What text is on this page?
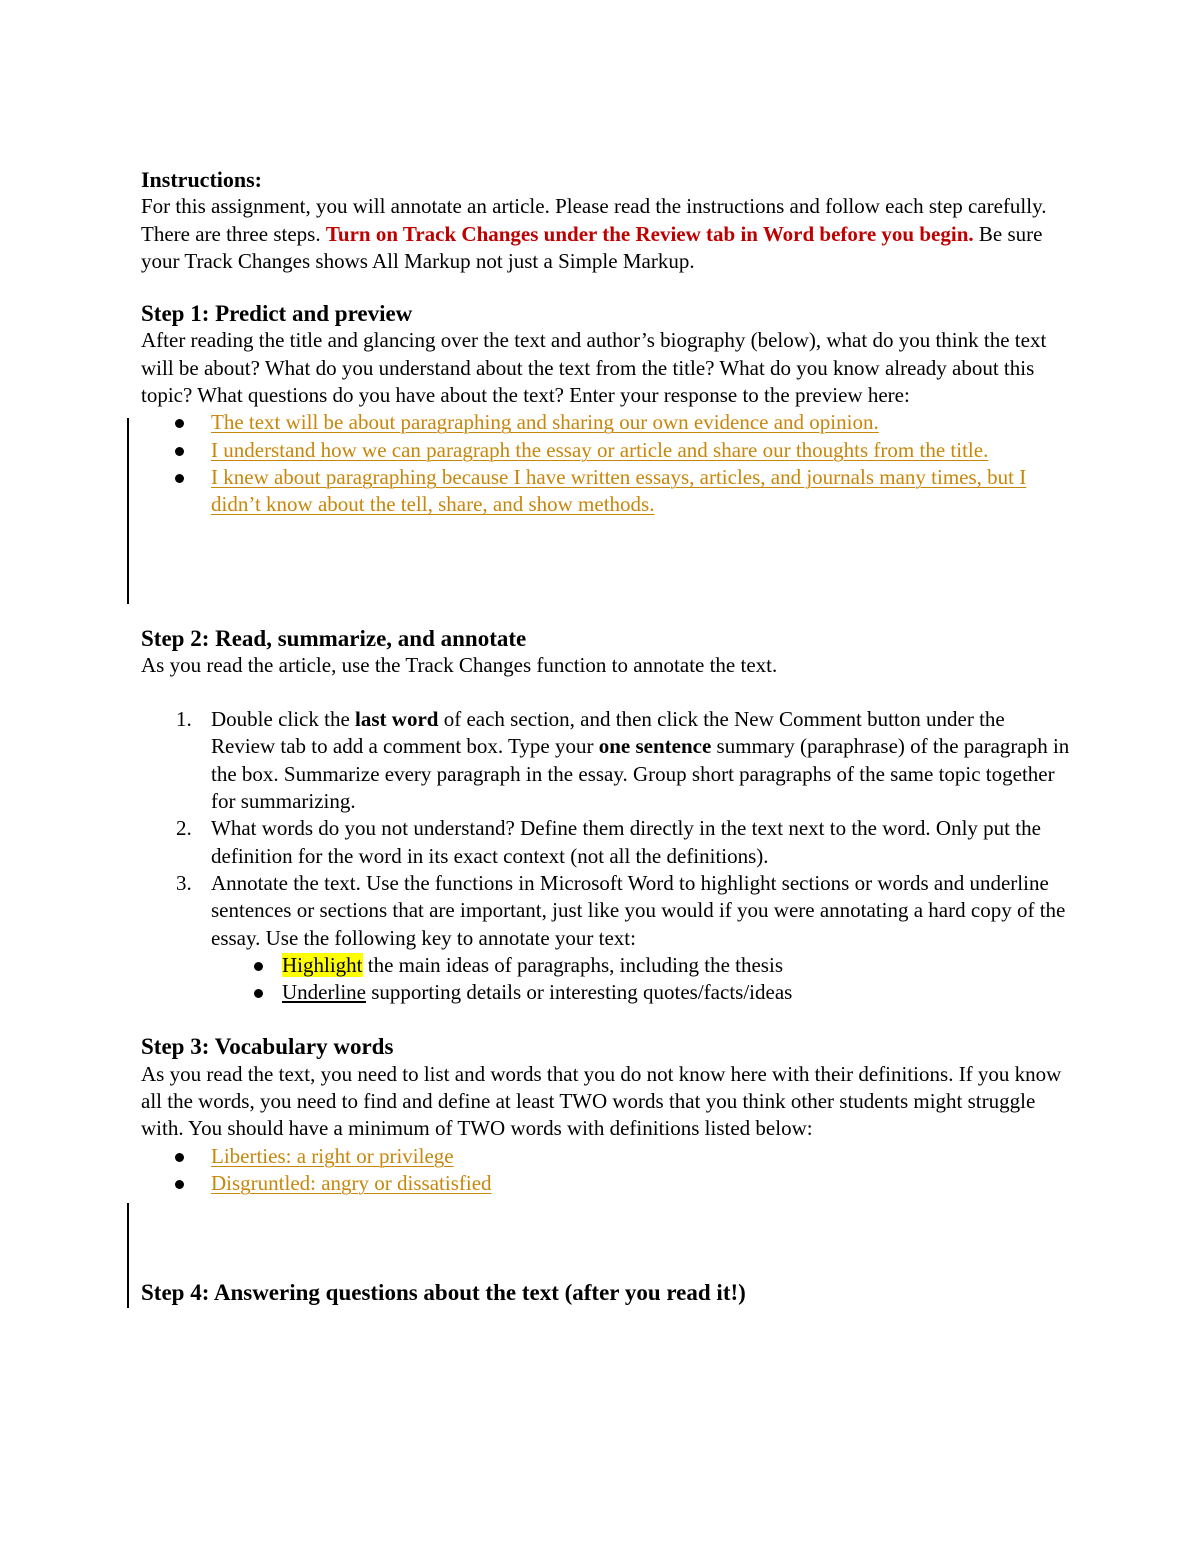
Instructions:

For this assignment, you will annotate an article. Please read the instructions and follow each step carefully. There are three steps. Turn on Track Changes under the Review tab in Word before you begin. Be sure your Track Changes shows All Markup not just a Simple Markup.

Step 1: Predict and preview

After reading the title and glancing over the text and author’s biography (below), what do you think the text will be about? What do you understand about the text from the title? What do you know already about this topic? What questions do you have about the text? Enter your response to the preview here:

The text will be about paragraphing and sharing our own evidence and opinion.
I understand how we can paragraph the essay or article and share our thoughts from the title.
I knew about paragraphing because I have written essays, articles, and journals many times, but I didn’t know about the tell, share, and show methods.

Step 2: Read, summarize, and annotate

As you read the article, use the Track Changes function to annotate the text.

1. Double click the last word of each section, and then click the New Comment button under the Review tab to add a comment box. Type your one sentence summary (paraphrase) of the paragraph in the box. Summarize every paragraph in the essay. Group short paragraphs of the same topic together for summarizing.
2. What words do you not understand? Define them directly in the text next to the word. Only put the definition for the word in its exact context (not all the definitions).
3. Annotate the text. Use the functions in Microsoft Word to highlight sections or words and underline sentences or sections that are important, just like you would if you were annotating a hard copy of the essay. Use the following key to annotate your text:
Highlight the main ideas of paragraphs, including the thesis
Underline supporting details or interesting quotes/facts/ideas

Step 3: Vocabulary words

As you read the text, you need to list and words that you do not know here with their definitions. If you know all the words, you need to find and define at least TWO words that you think other students might struggle with. You should have a minimum of TWO words with definitions listed below:

Liberties: a right or privilege
Disgruntled: angry or dissatisfied

Step 4: Answering questions about the text (after you read it!)
